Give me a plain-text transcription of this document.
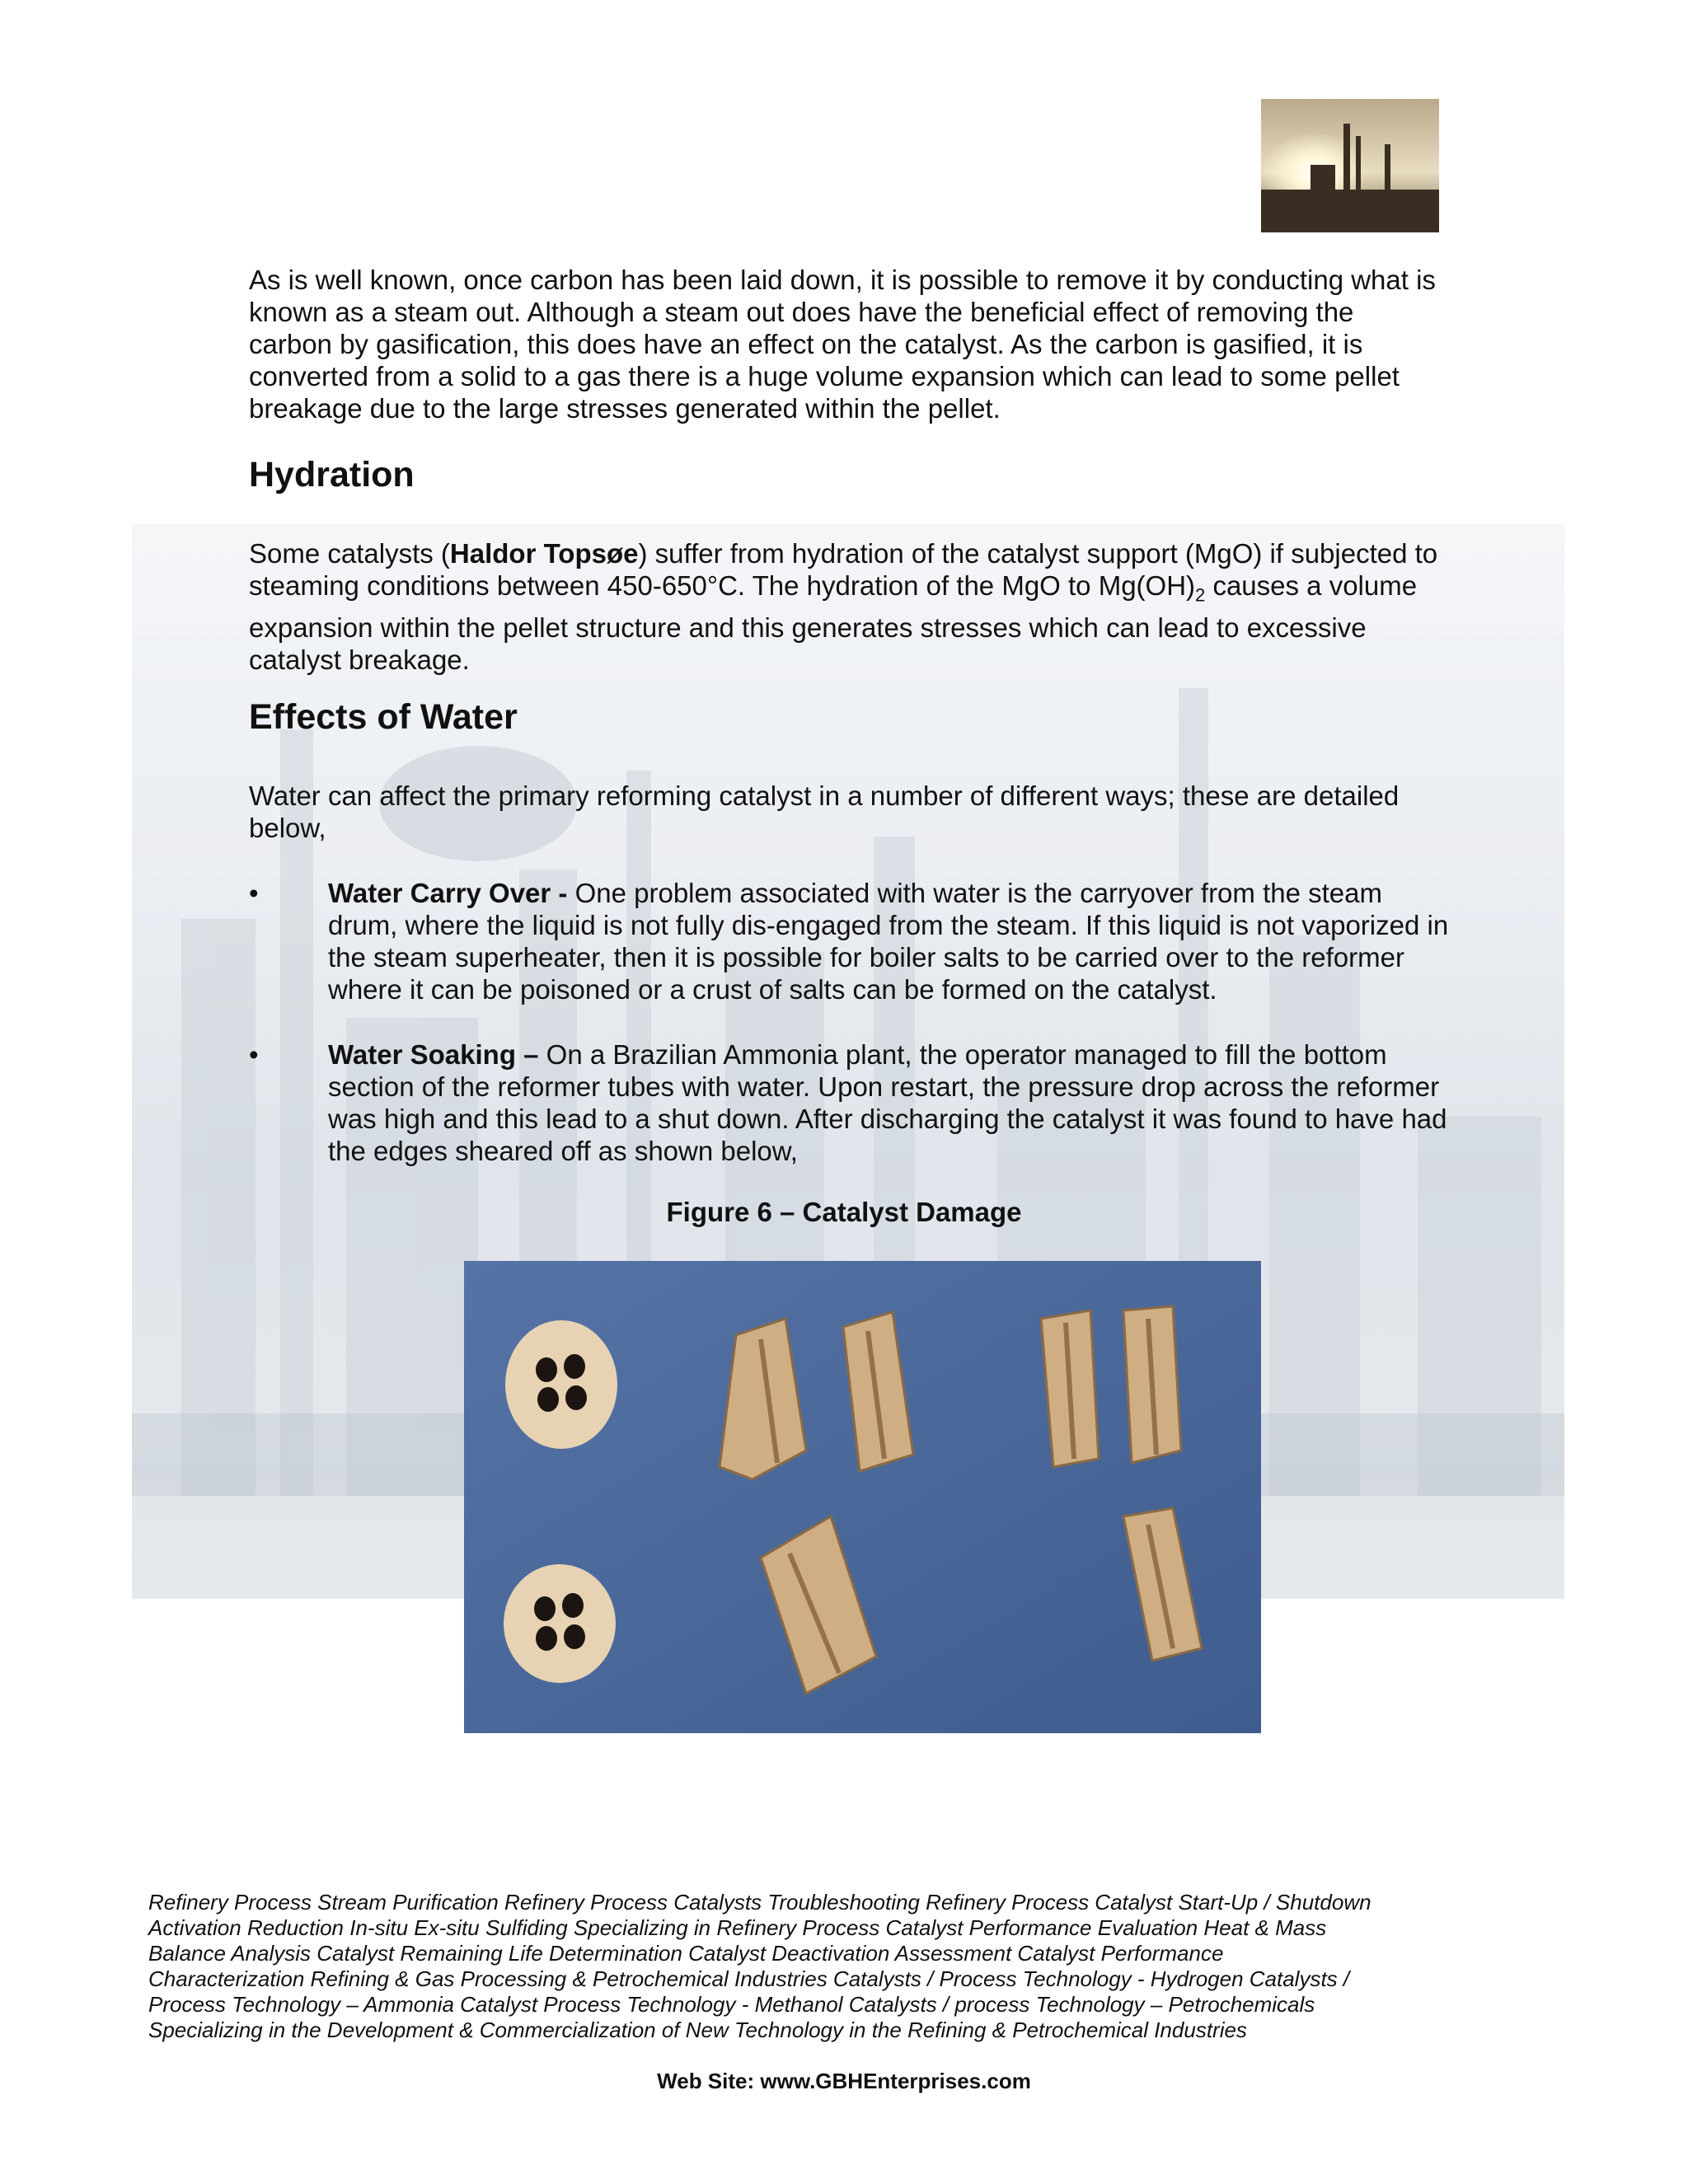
As is well known, once carbon has been laid down, it is possible to remove it by conducting what is known as a steam out. Although a steam out does have the beneficial effect of removing the carbon by gasification, this does have an effect on the catalyst. As the carbon is gasified, it is converted from a solid to a gas there is a huge volume expansion which can lead to some pellet breakage due to the large stresses generated within the pellet.

Hydration

Some catalysts (Haldor Topsøe) suffer from hydration of the catalyst support (MgO) if subjected to steaming conditions between 450-650°C. The hydration of the MgO to $Mg(OH)_2$ causes a volume expansion within the pellet structure and this generates stresses which can lead to excessive catalyst breakage.

Effects of Water

Water can affect the primary reforming catalyst in a number of different ways; these are detailed below,

•	Water Carry Over - One problem associated with water is the carryover from the steam drum, where the liquid is not fully dis-engaged from the steam. If this liquid is not vaporized in the steam superheater, then it is possible for boiler salts to be carried over to the reformer where it can be poisoned or a crust of salts can be formed on the catalyst.
•	Water Soaking – On a Brazilian Ammonia plant, the operator managed to fill the bottom section of the reformer tubes with water. Upon restart, the pressure drop across the reformer was high and this lead to a shut down. After discharging the catalyst it was found to have had the edges sheared off as shown below,
Figure 6 – Catalyst Damage

Refinery Process Stream Purification Refinery Process Catalysts Troubleshooting Refinery Process Catalyst Start-Up / Shutdown

Activation Reduction In-situ Ex-situ Sulfiding Specializing in Refinery Process Catalyst Performance Evaluation Heat & Mass

Balance Analysis Catalyst Remaining Life Determination Catalyst Deactivation Assessment Catalyst Performance

Characterization Refining & Gas Processing & Petrochemical Industries Catalysts / Process Technology - Hydrogen Catalysts /

Process Technology – Ammonia Catalyst Process Technology - Methanol Catalysts / process Technology – Petrochemicals

Specializing in the Development & Commercialization of New Technology in the Refining & Petrochemical Industries

Web Site: www.GBHEnterprises.com
